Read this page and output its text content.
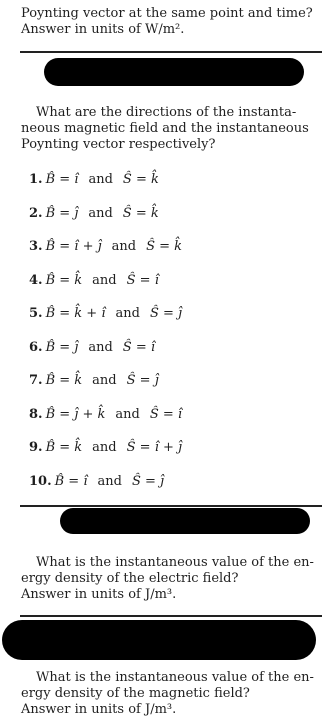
Poynting vector at the same point and time?

Answer in units of W/m².

What are the directions of the instanta-

neous magnetic field and the instantaneous

Poynting vector respectively?

1. B̂ = î and Ŝ = k̂
2. B̂ = ĵ and Ŝ = k̂
3. B̂ = î + ĵ and Ŝ = k̂
4. B̂ = k̂ and Ŝ = î
5. B̂ = k̂ + î and Ŝ = ĵ
6. B̂ = ĵ and Ŝ = î
7. B̂ = k̂ and Ŝ = ĵ
8. B̂ = ĵ + k̂ and Ŝ = î
9. B̂ = k̂ and Ŝ = î + ĵ
10. B̂ = î and Ŝ = ĵ

What is the instantaneous value of the en-

ergy density of the electric field?

Answer in units of J/m³.

What is the instantaneous value of the en-

ergy density of the magnetic field?

Answer in units of J/m³.
